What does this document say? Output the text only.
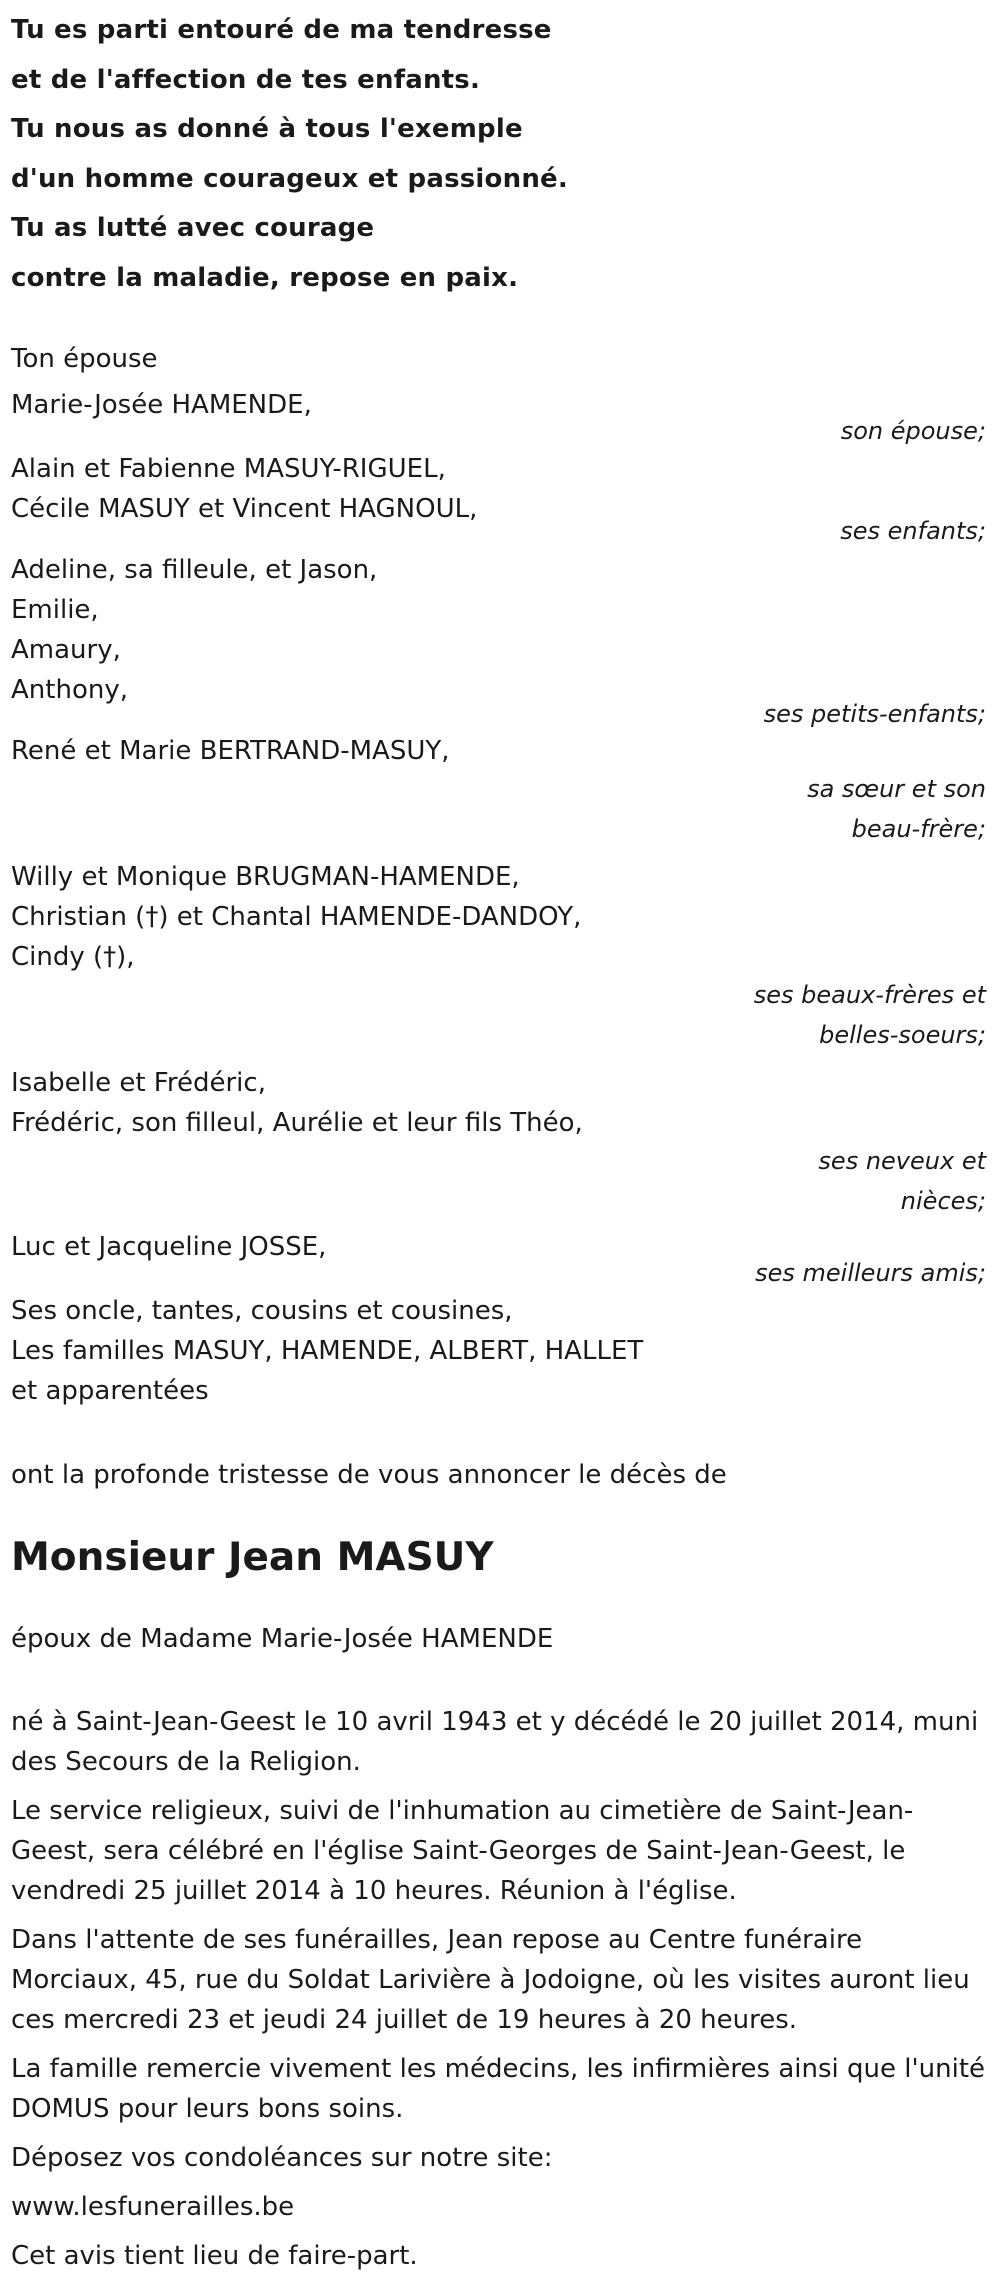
Tu es parti entouré de ma tendresse
et de l'affection de tes enfants.
Tu nous as donné à tous l'exemple
d'un homme courageux et passionné.
Tu as lutté avec courage
contre la maladie, repose en paix.
Ton épouse
Marie-Josée HAMENDE,
son épouse;
Alain et Fabienne MASUY-RIGUEL,
Cécile MASUY et Vincent HAGNOUL,
ses enfants;
Adeline, sa filleule, et Jason,
Emilie,
Amaury,
Anthony,
ses petits-enfants;
René et Marie BERTRAND-MASUY,
sa sœur et son
beau-frère;
Willy et Monique BRUGMAN-HAMENDE,
Christian (†) et Chantal HAMENDE-DANDOY,
Cindy (†),
ses beaux-frères et
belles-soeurs;
Isabelle et Frédéric,
Frédéric, son filleul, Aurélie et leur fils Théo,
ses neveux et
nièces;
Luc et Jacqueline JOSSE,
ses meilleurs amis;
Ses oncle, tantes, cousins et cousines,
Les familles MASUY, HAMENDE, ALBERT, HALLET
et apparentées
ont la profonde tristesse de vous annoncer le décès de
Monsieur Jean MASUY
époux de Madame Marie-Josée HAMENDE
né à Saint-Jean-Geest le 10 avril 1943 et y décédé le 20 juillet 2014, muni des Secours de la Religion.
Le service religieux, suivi de l'inhumation au cimetière de Saint-Jean-Geest, sera célébré en l'église Saint-Georges de Saint-Jean-Geest, le vendredi 25 juillet 2014 à 10 heures. Réunion à l'église.
Dans l'attente de ses funérailles, Jean repose au Centre funéraire Morciaux, 45, rue du Soldat Larivière à Jodoigne, où les visites auront lieu ces mercredi 23 et jeudi 24 juillet de 19 heures à 20 heures.
La famille remercie vivement les médecins, les infirmières ainsi que l'unité DOMUS pour leurs bons soins.
Déposez vos condoléances sur notre site:
www.lesfunerailles.be
Cet avis tient lieu de faire-part.
